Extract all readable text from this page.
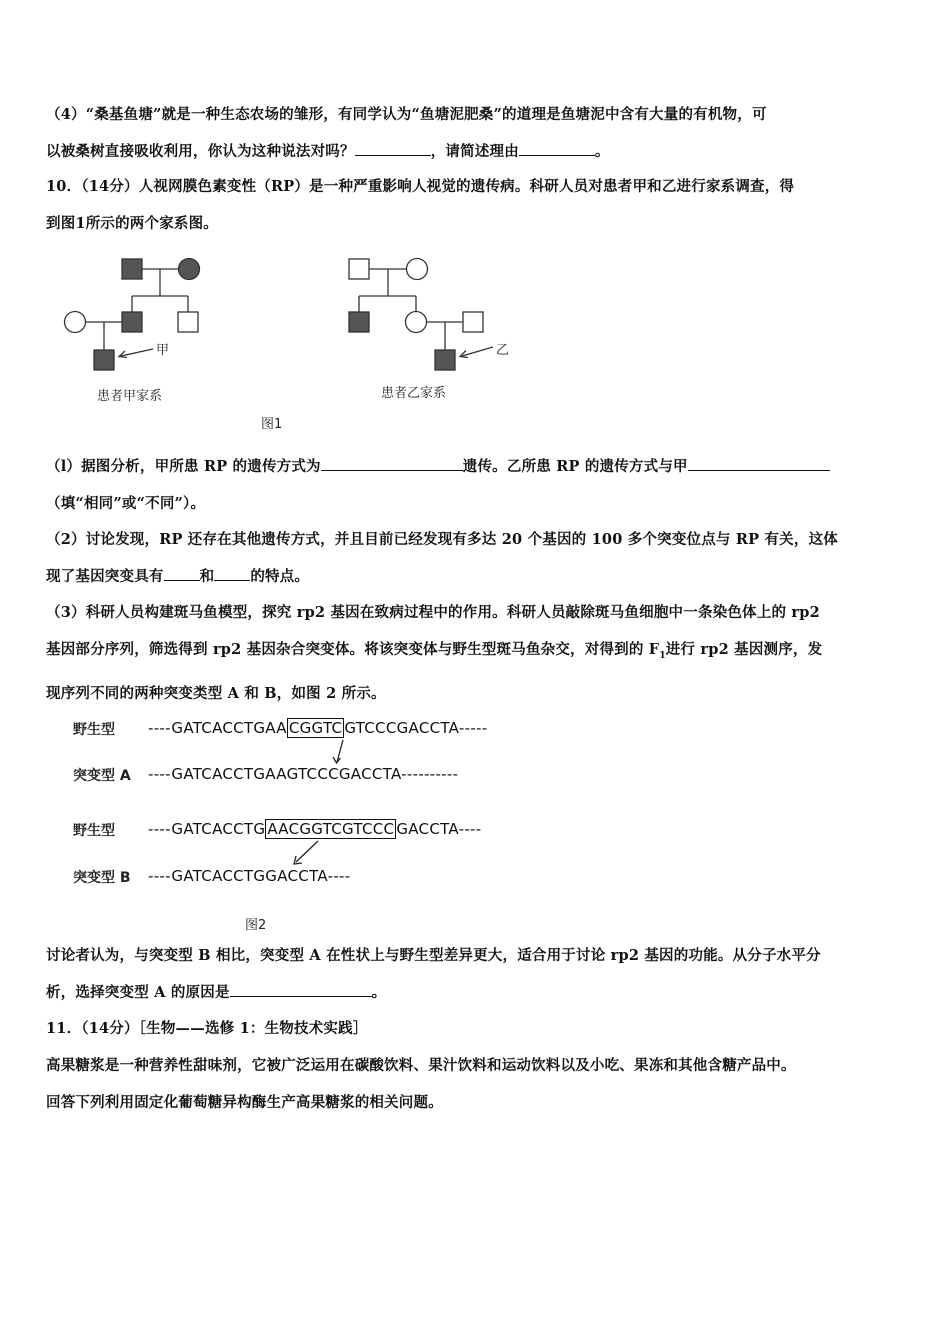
（4）“桑基鱼塘”就是一种生态农场的雏形，有同学认为“鱼塘泥肥桑”的道理是鱼塘泥中含有大量的有机物，可
以被桑树直接吸收利用，你认为这种说法对吗？	，请简述理由	。
10．（14分）人视网膜色素变性（RP）是一种严重影响人视觉的遗传病。科研人员对患者甲和乙进行家系调查，得
到图1所示的两个家系图。
甲
患者甲家系
乙
患者乙家系
图1
（l）据图分析，甲所患 RP 的遗传方式为	遗传。乙所患 RP 的遗传方式与甲
（填“相同”或“不同”）。
（2）讨论发现，RP 还存在其他遗传方式，并且目前已经发现有多达 20 个基因的 100 多个突变位点与 RP 有关，这体
现了基因突变具有 和 的特点。
（3）科研人员构建斑马鱼模型，探究 rp2 基因在致病过程中的作用。科研人员敲除斑马鱼细胞中一条染色体上的 rp2
基因部分序列，筛选得到 rp2 基因杂合突变体。将该突变体与野生型斑马鱼杂交，对得到的 $F_1$进行 rp2 基因测序，发
现序列不同的两种突变类型 A 和 B，如图 2 所示。
野生型 ----GATCACCTGAA CGGTC GTCCCGACCTA-----
突变型 A ----GATCACCTGAAGTCCCGACCTA----------
野生型 ----GATCACCTG AACGGTCGTCCC GACCTA----
突变型 B ----GATCACCTGGACCTA----
图2
讨论者认为，与突变型 B 相比，突变型 A 在性状上与野生型差异更大，适合用于讨论 rp2 基因的功能。从分子水平分
析，选择突变型 A 的原因是	。
11．（14分）［生物——选修 1：生物技术实践］
高果糖浆是一种营养性甜味剂，它被广泛运用在碳酸饮料、果汁饮料和运动饮料以及小吃、果冻和其他含糖产品中。
回答下列利用固定化葡萄糖异构酶生产高果糖浆的相关问题。
